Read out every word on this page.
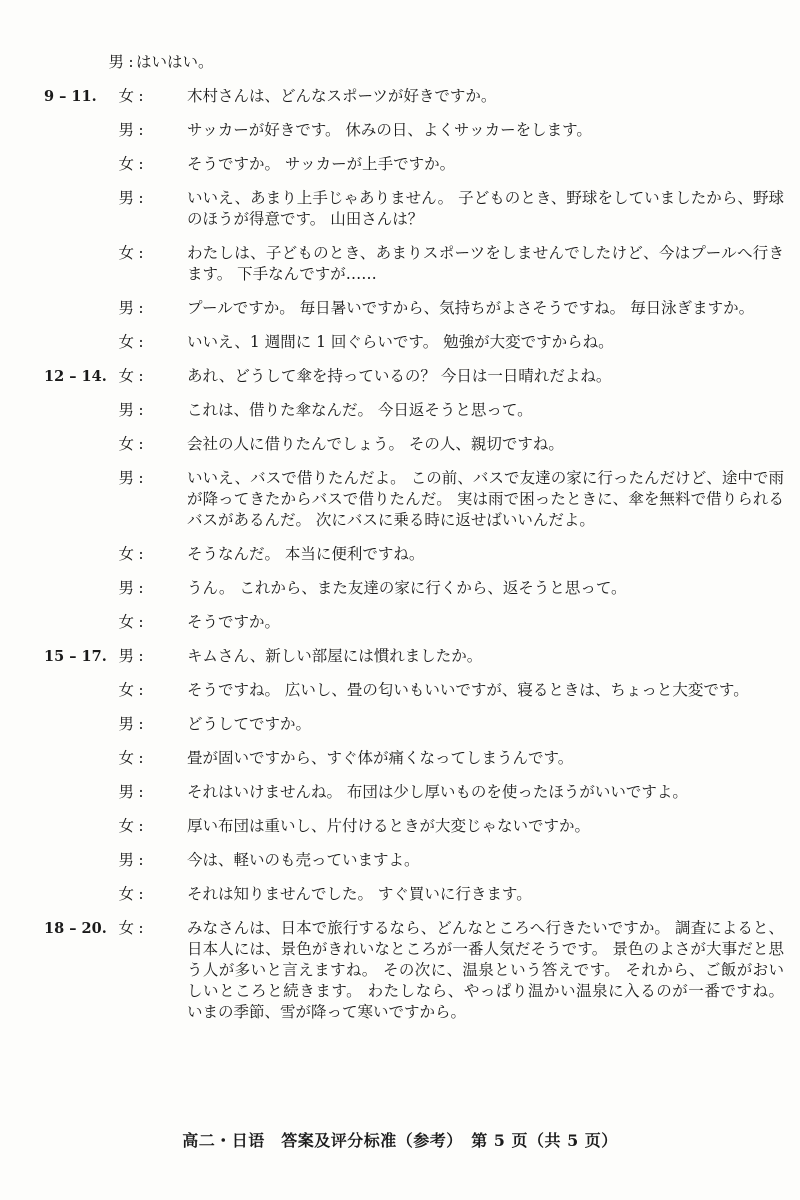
男 : はいはい。
9 – 11.	女 :	木村さんは、どんなスポーツが好きですか。
男 :	サッカーが好きです。 休みの日、よくサッカーをします。
女 :	そうですか。 サッカーが上手ですか。
男 :	いいえ、あまり上手じゃありません。 子どものとき、野球をしていましたから、野球のほうが得意です。 山田さんは？
女 :	わたしは、子どものとき、あまりスポーツをしませんでしたけど、今はプールへ行きます。 下手なんですが……
男 :	プールですか。 毎日暑いですから、気持ちがよさそうですね。 毎日泳ぎますか。
女 :	いいえ、1 週間に 1 回ぐらいです。 勉強が大変ですからね。
12 – 14. 女 :	あれ、どうして傘を持っているの？ 今日は一日晴れだよね。
男 :	これは、借りた傘なんだ。 今日返そうと思って。
女 :	会社の人に借りたんでしょう。 その人、親切ですね。
男 :	いいえ、バスで借りたんだよ。 この前、バスで友達の家に行ったんだけど、途中で雨が降ってきたからバスで借りたんだ。 実は雨で困ったときに、傘を無料で借りられるバスがあるんだ。 次にバスに乗る時に返せばいいんだよ。
女 :	そうなんだ。 本当に便利ですね。
男 :	うん。 これから、また友達の家に行くから、返そうと思って。
女 :	そうですか。
15 – 17. 男 :	キムさん、新しい部屋には慣れましたか。
女 :	そうですね。 広いし、畳の匂いもいいですが、寝るときは、ちょっと大変です。
男 :	どうしてですか。
女 :	畳が固いですから、すぐ体が痛くなってしまうんです。
男 :	それはいけませんね。 布団は少し厚いものを使ったほうがいいですよ。
女 :	厚い布団は重いし、片付けるときが大変じゃないですか。
男 :	今は、軽いのも売っていますよ。
女 :	それは知りませんでした。 すぐ買いに行きます。
18 – 20. 女 :	みなさんは、日本で旅行するなら、どんなところへ行きたいですか。 調査によると、日本人には、景色がきれいなところが一番人気だそうです。 景色のよさが大事だと思う人が多いと言えますね。 その次に、温泉という答えです。 それから、ご飯がおいしいところと続きます。 わたしなら、やっぱり温かい温泉に入るのが一番ですね。 いまの季節、雪が降って寒いですから。
高二・日语　答案及评分标准（参考）　第 5 页（共 5 页）
